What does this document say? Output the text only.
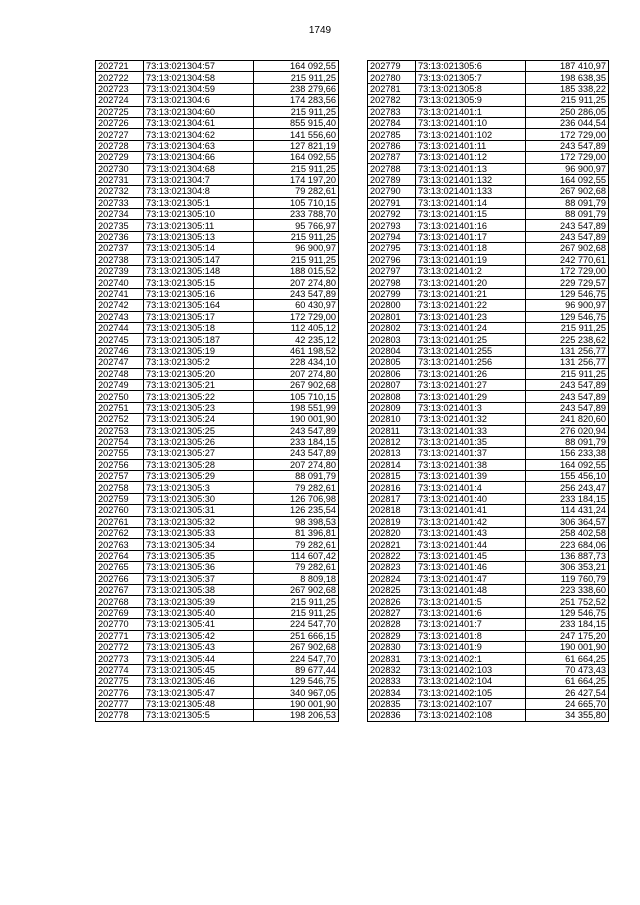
1749
202721	73:13:021304:57	164 092,55
202722	73:13:021304:58	215 911,25
202723	73:13:021304:59	238 279,66
202724	73:13:021304:6	174 283,56
202725	73:13:021304:60	215 911,25
202726	73:13:021304:61	855 915,40
202727	73:13:021304:62	141 556,60
202728	73:13:021304:63	127 821,19
202729	73:13:021304:66	164 092,55
202730	73:13:021304:68	215 911,25
202731	73:13:021304:7	174 197,20
202732	73:13:021304:8	79 282,61
202733	73:13:021305:1	105 710,15
202734	73:13:021305:10	233 788,70
202735	73:13:021305:11	95 766,97
202736	73:13:021305:13	215 911,25
202737	73:13:021305:14	96 900,97
202738	73:13:021305:147	215 911,25
202739	73:13:021305:148	188 015,52
202740	73:13:021305:15	207 274,80
202741	73:13:021305:16	243 547,89
202742	73:13:021305:164	60 430,97
202743	73:13:021305:17	172 729,00
202744	73:13:021305:18	112 405,12
202745	73:13:021305:187	42 235,12
202746	73:13:021305:19	461 198,52
202747	73:13:021305:2	228 434,10
202748	73:13:021305:20	207 274,80
202749	73:13:021305:21	267 902,68
202750	73:13:021305:22	105 710,15
202751	73:13:021305:23	198 551,99
202752	73:13:021305:24	190 001,90
202753	73:13:021305:25	243 547,89
202754	73:13:021305:26	233 184,15
202755	73:13:021305:27	243 547,89
202756	73:13:021305:28	207 274,80
202757	73:13:021305:29	88 091,79
202758	73:13:021305:3	79 282,61
202759	73:13:021305:30	126 706,98
202760	73:13:021305:31	126 235,54
202761	73:13:021305:32	98 398,53
202762	73:13:021305:33	81 396,81
202763	73:13:021305:34	79 282,61
202764	73:13:021305:35	114 607,42
202765	73:13:021305:36	79 282,61
202766	73:13:021305:37	8 809,18
202767	73:13:021305:38	267 902,68
202768	73:13:021305:39	215 911,25
202769	73:13:021305:40	215 911,25
202770	73:13:021305:41	224 547,70
202771	73:13:021305:42	251 666,15
202772	73:13:021305:43	267 902,68
202773	73:13:021305:44	224 547,70
202774	73:13:021305:45	89 677,44
202775	73:13:021305:46	129 546,75
202776	73:13:021305:47	340 967,05
202777	73:13:021305:48	190 001,90
202778	73:13:021305:5	198 206,53
202779	73:13:021305:6	187 410,97
202780	73:13:021305:7	198 638,35
202781	73:13:021305:8	185 338,22
202782	73:13:021305:9	215 911,25
202783	73:13:021401:1	250 286,05
202784	73:13:021401:10	236 044,54
202785	73:13:021401:102	172 729,00
202786	73:13:021401:11	243 547,89
202787	73:13:021401:12	172 729,00
202788	73:13:021401:13	96 900,97
202789	73:13:021401:132	164 092,55
202790	73:13:021401:133	267 902,68
202791	73:13:021401:14	88 091,79
202792	73:13:021401:15	88 091,79
202793	73:13:021401:16	243 547,89
202794	73:13:021401:17	243 547,89
202795	73:13:021401:18	267 902,68
202796	73:13:021401:19	242 770,61
202797	73:13:021401:2	172 729,00
202798	73:13:021401:20	229 729,57
202799	73:13:021401:21	129 546,75
202800	73:13:021401:22	96 900,97
202801	73:13:021401:23	129 546,75
202802	73:13:021401:24	215 911,25
202803	73:13:021401:25	225 238,62
202804	73:13:021401:255	131 256,77
202805	73:13:021401:256	131 256,77
202806	73:13:021401:26	215 911,25
202807	73:13:021401:27	243 547,89
202808	73:13:021401:29	243 547,89
202809	73:13:021401:3	243 547,89
202810	73:13:021401:32	241 820,60
202811	73:13:021401:33	276 020,94
202812	73:13:021401:35	88 091,79
202813	73:13:021401:37	156 233,38
202814	73:13:021401:38	164 092,55
202815	73:13:021401:39	155 456,10
202816	73:13:021401:4	256 243,47
202817	73:13:021401:40	233 184,15
202818	73:13:021401:41	114 431,24
202819	73:13:021401:42	306 364,57
202820	73:13:021401:43	258 402,58
202821	73:13:021401:44	223 684,06
202822	73:13:021401:45	136 887,73
202823	73:13:021401:46	306 353,21
202824	73:13:021401:47	119 760,79
202825	73:13:021401:48	223 338,60
202826	73:13:021401:5	251 752,52
202827	73:13:021401:6	129 546,75
202828	73:13:021401:7	233 184,15
202829	73:13:021401:8	247 175,20
202830	73:13:021401:9	190 001,90
202831	73:13:021402:1	61 664,25
202832	73:13:021402:103	70 473,43
202833	73:13:021402:104	61 664,25
202834	73:13:021402:105	26 427,54
202835	73:13:021402:107	24 665,70
202836	73:13:021402:108	34 355,80
